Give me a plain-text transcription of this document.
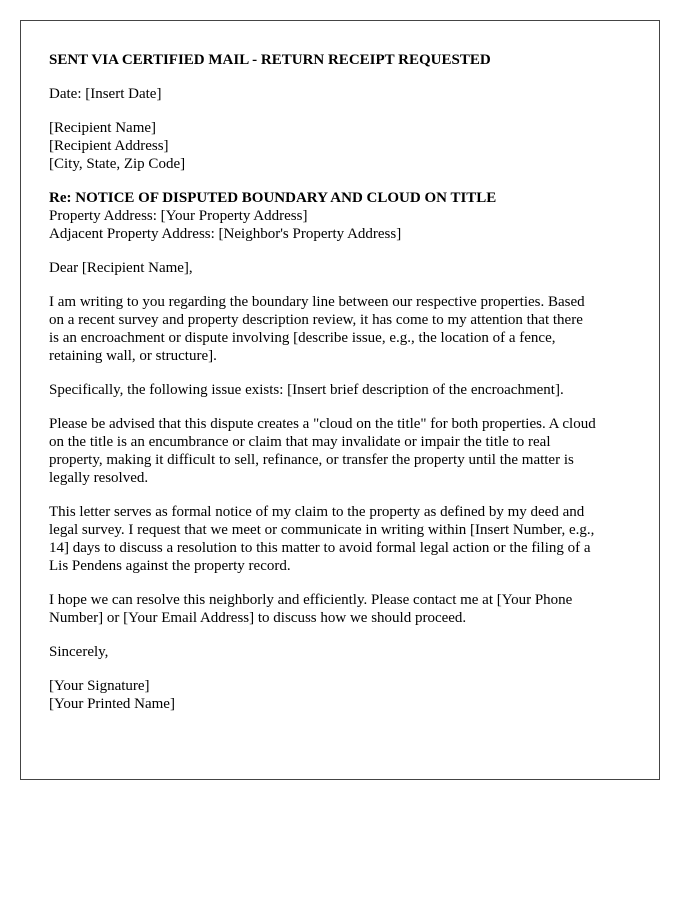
SENT VIA CERTIFIED MAIL - RETURN RECEIPT REQUESTED
Date: [Insert Date]
[Recipient Name]
[Recipient Address]
[City, State, Zip Code]
Re: NOTICE OF DISPUTED BOUNDARY AND CLOUD ON TITLE
Property Address: [Your Property Address]
Adjacent Property Address: [Neighbor's Property Address]
Dear [Recipient Name],
I am writing to you regarding the boundary line between our respective properties. Based
on a recent survey and property description review, it has come to my attention that there
is an encroachment or dispute involving [describe issue, e.g., the location of a fence,
retaining wall, or structure].
Specifically, the following issue exists: [Insert brief description of the encroachment].
Please be advised that this dispute creates a "cloud on the title" for both properties. A cloud
on the title is an encumbrance or claim that may invalidate or impair the title to real
property, making it difficult to sell, refinance, or transfer the property until the matter is
legally resolved.
This letter serves as formal notice of my claim to the property as defined by my deed and
legal survey. I request that we meet or communicate in writing within [Insert Number, e.g.,
14] days to discuss a resolution to this matter to avoid formal legal action or the filing of a
Lis Pendens against the property record.
I hope we can resolve this neighborly and efficiently. Please contact me at [Your Phone
Number] or [Your Email Address] to discuss how we should proceed.
Sincerely,
[Your Signature]
[Your Printed Name]
